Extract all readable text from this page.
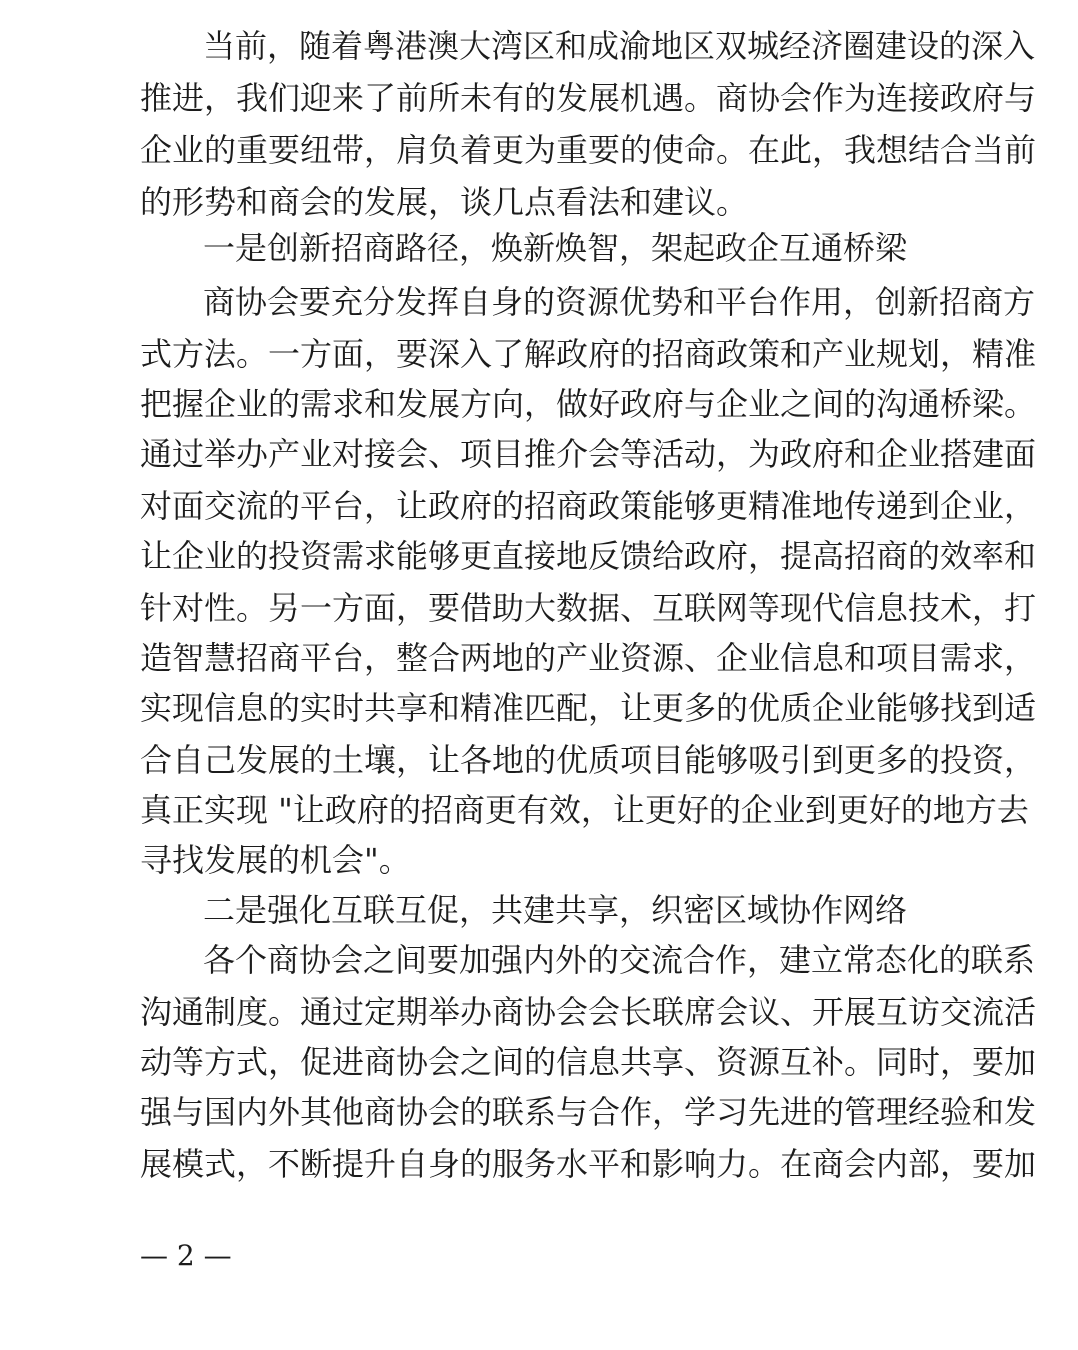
当前，随着粤港澳大湾区和成渝地区双城经济圈建设的深入
推进，我们迎来了前所未有的发展机遇。商协会作为连接政府与
企业的重要纽带，肩负着更为重要的使命。在此，我想结合当前
的形势和商会的发展，谈几点看法和建议。
一是创新招商路径，焕新焕智，架起政企互通桥梁
商协会要充分发挥自身的资源优势和平台作用，创新招商方
式方法。一方面，要深入了解政府的招商政策和产业规划，精准
把握企业的需求和发展方向，做好政府与企业之间的沟通桥梁。
通过举办产业对接会、项目推介会等活动，为政府和企业搭建面
对面交流的平台，让政府的招商政策能够更精准地传递到企业，
让企业的投资需求能够更直接地反馈给政府，提高招商的效率和
针对性。另一方面，要借助大数据、互联网等现代信息技术，打
造智慧招商平台，整合两地的产业资源、企业信息和项目需求，
实现信息的实时共享和精准匹配，让更多的优质企业能够找到适
合自己发展的土壤，让各地的优质项目能够吸引到更多的投资，
真正实现 "让政府的招商更有效，让更好的企业到更好的地方去
寻找发展的机会"。
二是强化互联互促，共建共享，织密区域协作网络
各个商协会之间要加强内外的交流合作，建立常态化的联系
沟通制度。通过定期举办商协会会长联席会议、开展互访交流活
动等方式，促进商协会之间的信息共享、资源互补。同时，要加
强与国内外其他商协会的联系与合作，学习先进的管理经验和发
展模式，不断提升自身的服务水平和影响力。在商会内部，要加
— 2 —
